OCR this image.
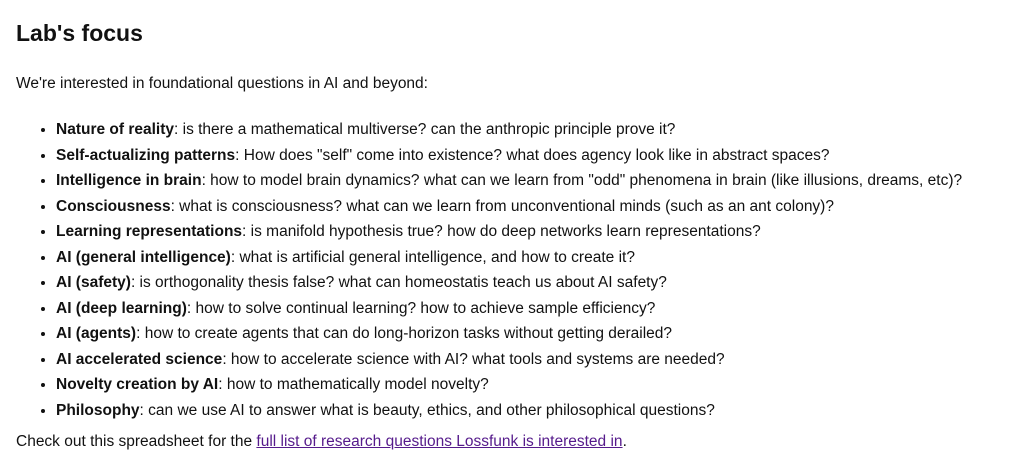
Lab's focus

We're interested in foundational questions in AI and beyond:

• Nature of reality: is there a mathematical multiverse? can the anthropic principle prove it?
• Self-actualizing patterns: How does "self" come into existence? what does agency look like in abstract spaces?
• Intelligence in brain: how to model brain dynamics? what can we learn from "odd" phenomena in brain (like illusions, dreams, etc)?
• Consciousness: what is consciousness? what can we learn from unconventional minds (such as an ant colony)?
• Learning representations: is manifold hypothesis true? how do deep networks learn representations?
• AI (general intelligence): what is artificial general intelligence, and how to create it?
• AI (safety): is orthogonality thesis false? what can homeostatis teach us about AI safety?
• AI (deep learning): how to solve continual learning? how to achieve sample efficiency?
• AI (agents): how to create agents that can do long-horizon tasks without getting derailed?
• AI accelerated science: how to accelerate science with AI? what tools and systems are needed?
• Novelty creation by AI: how to mathematically model novelty?
• Philosophy: can we use AI to answer what is beauty, ethics, and other philosophical questions?

Check out this spreadsheet for the full list of research questions Lossfunk is interested in.
